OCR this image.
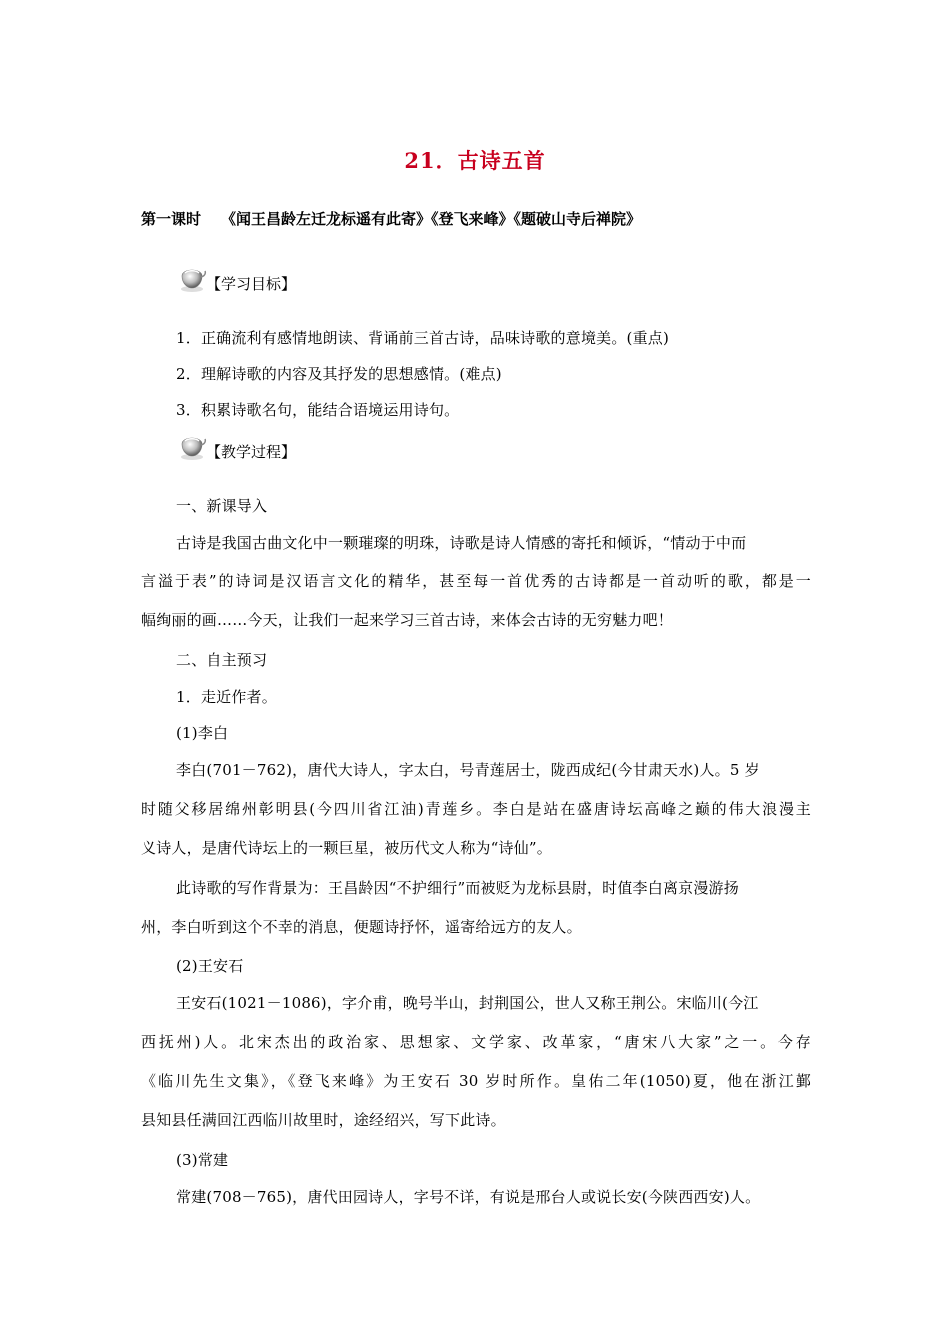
21．古诗五首
第一课时 《闻王昌龄左迁龙标遥有此寄》《登飞来峰》《题破山寺后禅院》
【学习目标】
1．正确流利有感情地朗读、背诵前三首古诗，品味诗歌的意境美。(重点)
2．理解诗歌的内容及其抒发的思想感情。(难点)
3．积累诗歌名句，能结合语境运用诗句。
【教学过程】
一、新课导入
古诗是我国古曲文化中一颗璀璨的明珠，诗歌是诗人情感的寄托和倾诉，“情动于中而
言溢于表”的诗词是汉语言文化的精华，甚至每一首优秀的古诗都是一首动听的歌，都是一
幅绚丽的画……今天，让我们一起来学习三首古诗，来体会古诗的无穷魅力吧！
二、自主预习
1．走近作者。
(1)李白
李白(701－762)，唐代大诗人，字太白，号青莲居士，陇西成纪(今甘肃天水)人。5 岁
时随父移居绵州彰明县(今四川省江油)青莲乡。李白是站在盛唐诗坛高峰之巅的伟大浪漫主
义诗人，是唐代诗坛上的一颗巨星，被历代文人称为“诗仙”。
此诗歌的写作背景为：王昌龄因“不护细行”而被贬为龙标县尉，时值李白离京漫游扬
州，李白听到这个不幸的消息，便题诗抒怀，遥寄给远方的友人。
(2)王安石
王安石(1021－1086)，字介甫，晚号半山，封荆国公，世人又称王荆公。宋临川(今江
西抚州)人。北宋杰出的政治家、思想家、文学家、改革家，“唐宋八大家”之一。今存
《临川先生文集》，《登飞来峰》为王安石 30 岁时所作。皇佑二年(1050)夏，他在浙江鄞
县知县任满回江西临川故里时，途经绍兴，写下此诗。
(3)常建
常建(708－765)，唐代田园诗人，字号不详，有说是邢台人或说长安(今陕西西安)人。
